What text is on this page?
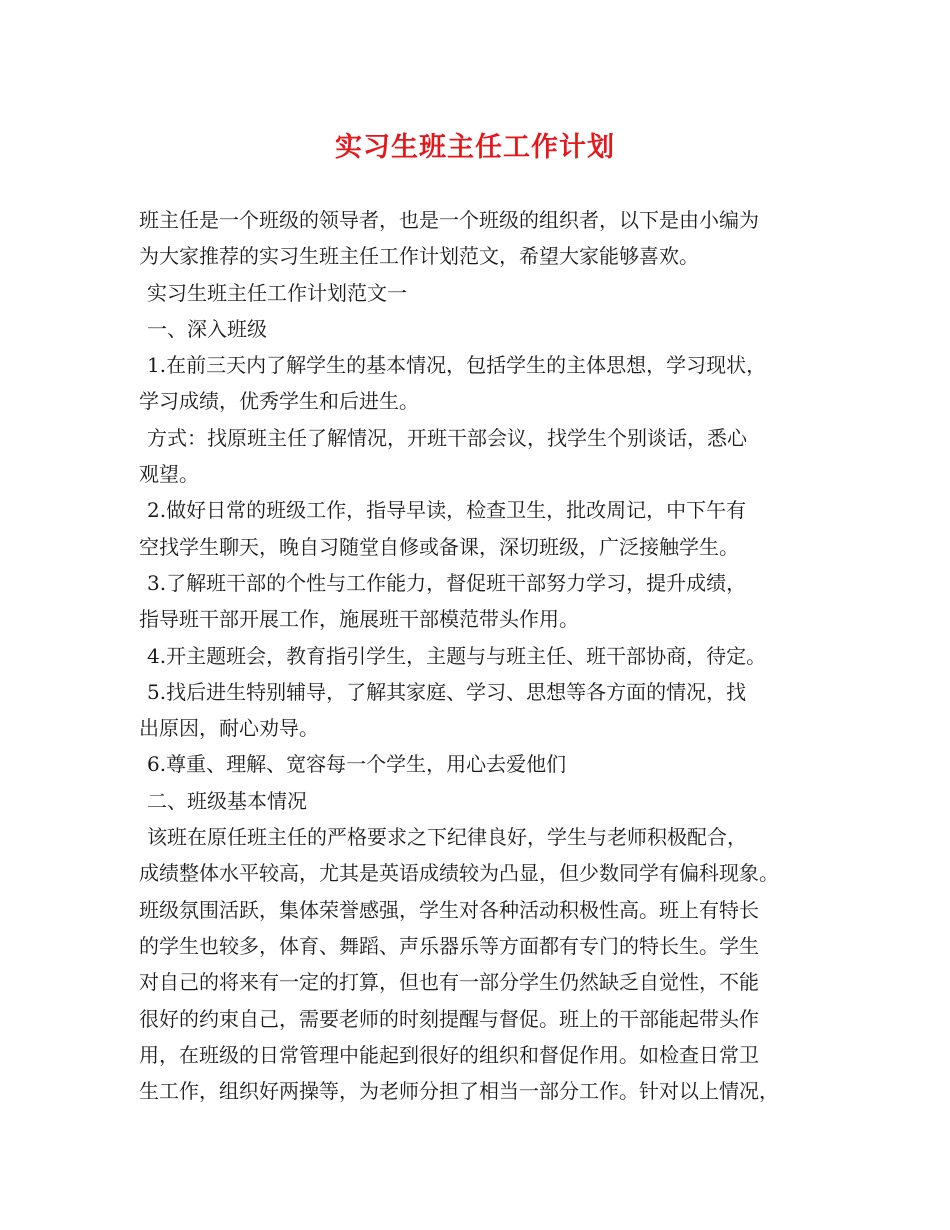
实习生班主任工作计划
班主任是一个班级的领导者，也是一个班级的组织者，以下是由小编为
为大家推荐的实习生班主任工作计划范文，希望大家能够喜欢。
实习生班主任工作计划范文一
一、深入班级
1.在前三天内了解学生的基本情况，包括学生的主体思想，学习现状，
学习成绩，优秀学生和后进生。
方式：找原班主任了解情况，开班干部会议，找学生个别谈话，悉心
观望。
2.做好日常的班级工作，指导早读，检查卫生，批改周记，中下午有
空找学生聊天，晚自习随堂自修或备课，深切班级，广泛接触学生。
3.了解班干部的个性与工作能力，督促班干部努力学习，提升成绩，
指导班干部开展工作，施展班干部模范带头作用。
4.开主题班会，教育指引学生，主题与与班主任、班干部协商，待定。
5.找后进生特别辅导，了解其家庭、学习、思想等各方面的情况，找
出原因，耐心劝导。
6.尊重、理解、宽容每一个学生，用心去爱他们
二、班级基本情况
该班在原任班主任的严格要求之下纪律良好，学生与老师积极配合，
成绩整体水平较高，尤其是英语成绩较为凸显，但少数同学有偏科现象。
班级氛围活跃，集体荣誉感强，学生对各种活动积极性高。班上有特长
的学生也较多，体育、舞蹈、声乐器乐等方面都有专门的特长生。学生
对自己的将来有一定的打算，但也有一部分学生仍然缺乏自觉性，不能
很好的约束自己，需要老师的时刻提醒与督促。班上的干部能起带头作
用，在班级的日常管理中能起到很好的组织和督促作用。如检查日常卫
生工作，组织好两操等，为老师分担了相当一部分工作。针对以上情况，
